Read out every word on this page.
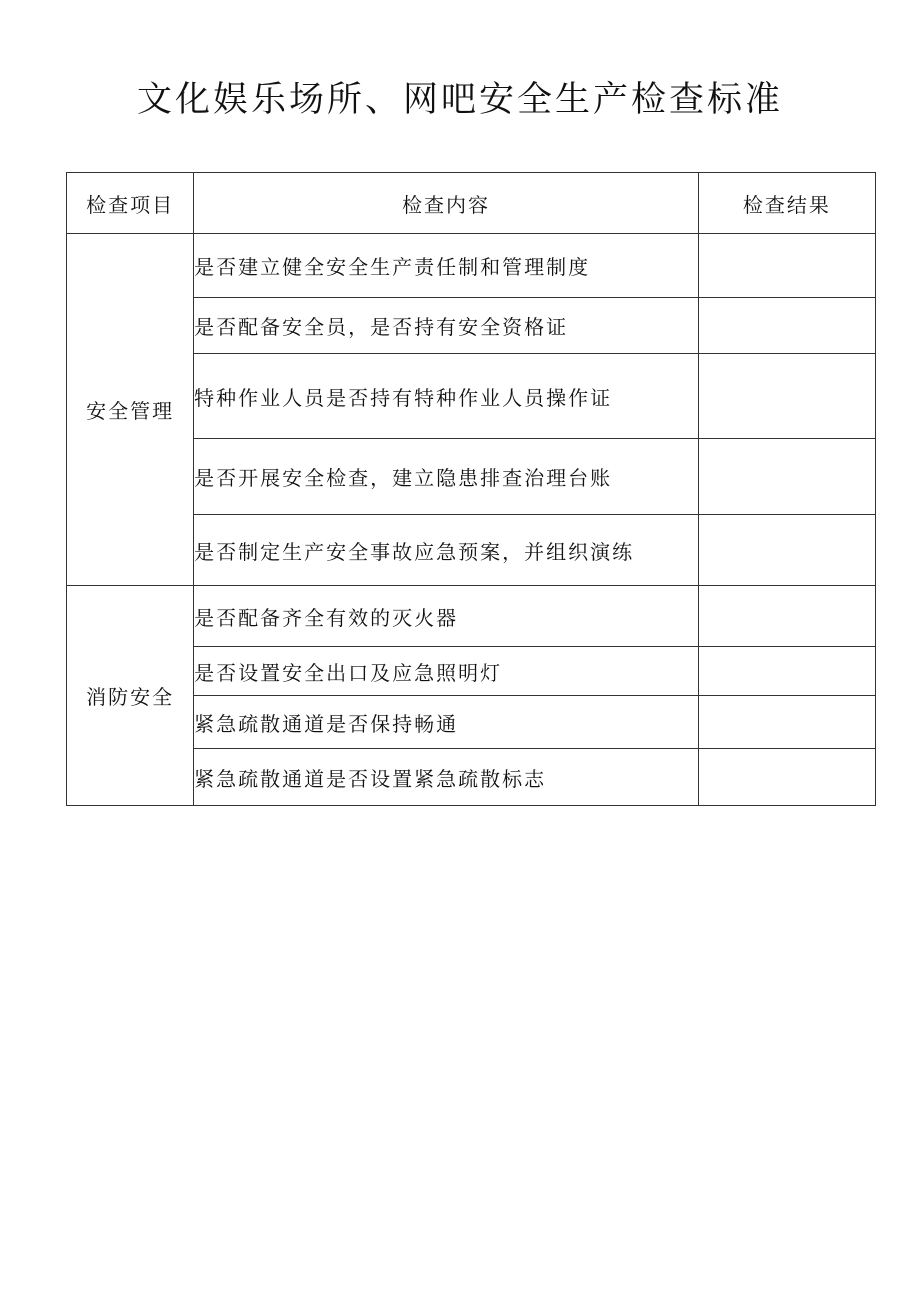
文化娱乐场所、网吧安全生产检查标准
检查项目	检查内容	检查结果
安全管理	是否建立健全安全生产责任制和管理制度	
	是否配备安全员，是否持有安全资格证	
	特种作业人员是否持有特种作业人员操作证	
	是否开展安全检查，建立隐患排查治理台账	
	是否制定生产安全事故应急预案，并组织演练	
消防安全	是否配备齐全有效的灭火器	
	是否设置安全出口及应急照明灯	
	紧急疏散通道是否保持畅通	
	紧急疏散通道是否设置紧急疏散标志	
